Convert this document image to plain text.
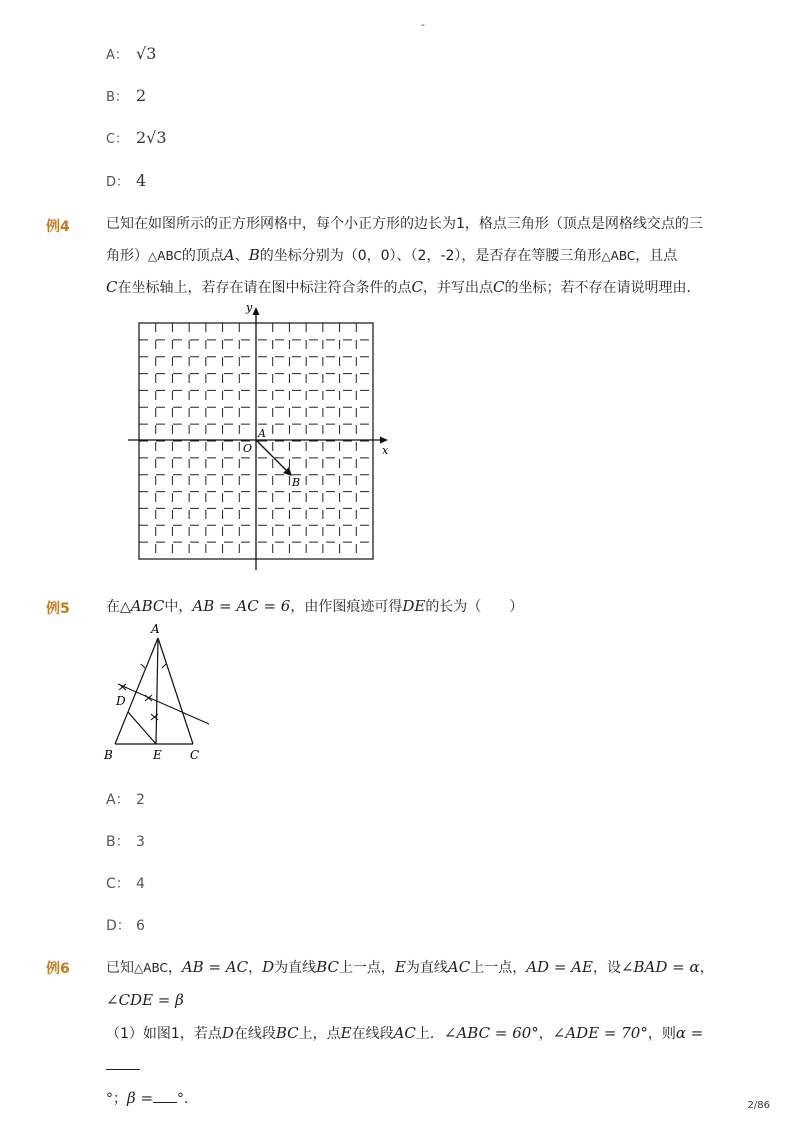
-
A： √3
B： 2
C： 2√3
D： 4
例4	已知在如图所示的正方形网格中，每个小正方形的边长为1，格点三角形（顶点是网格线交点的三
角形）△ABC的顶点A、B的坐标分别为（0，0）、（2，-2），是否存在等腰三角形△ABC，且点
C在坐标轴上，若存在请在图中标注符合条件的点C，并写出点C的坐标；若不存在请说明理由．
y
x
O
A
B
例5	在△ABC中，AB = AC = 6，由作图痕迹可得DE的长为（　　）
A
B	C
D
E
A： 2
B： 3
C： 4
D： 6
例6	已知△ABC，AB = AC，D为直线BC上一点，E为直线AC上一点，AD = AE，设∠BAD = α，
∠CDE = β
（1）如图1，若点D在线段BC上，点E在线段AC上．∠ABC = 60°，∠ADE = 70°，则α =
°；β = °．	2/86
